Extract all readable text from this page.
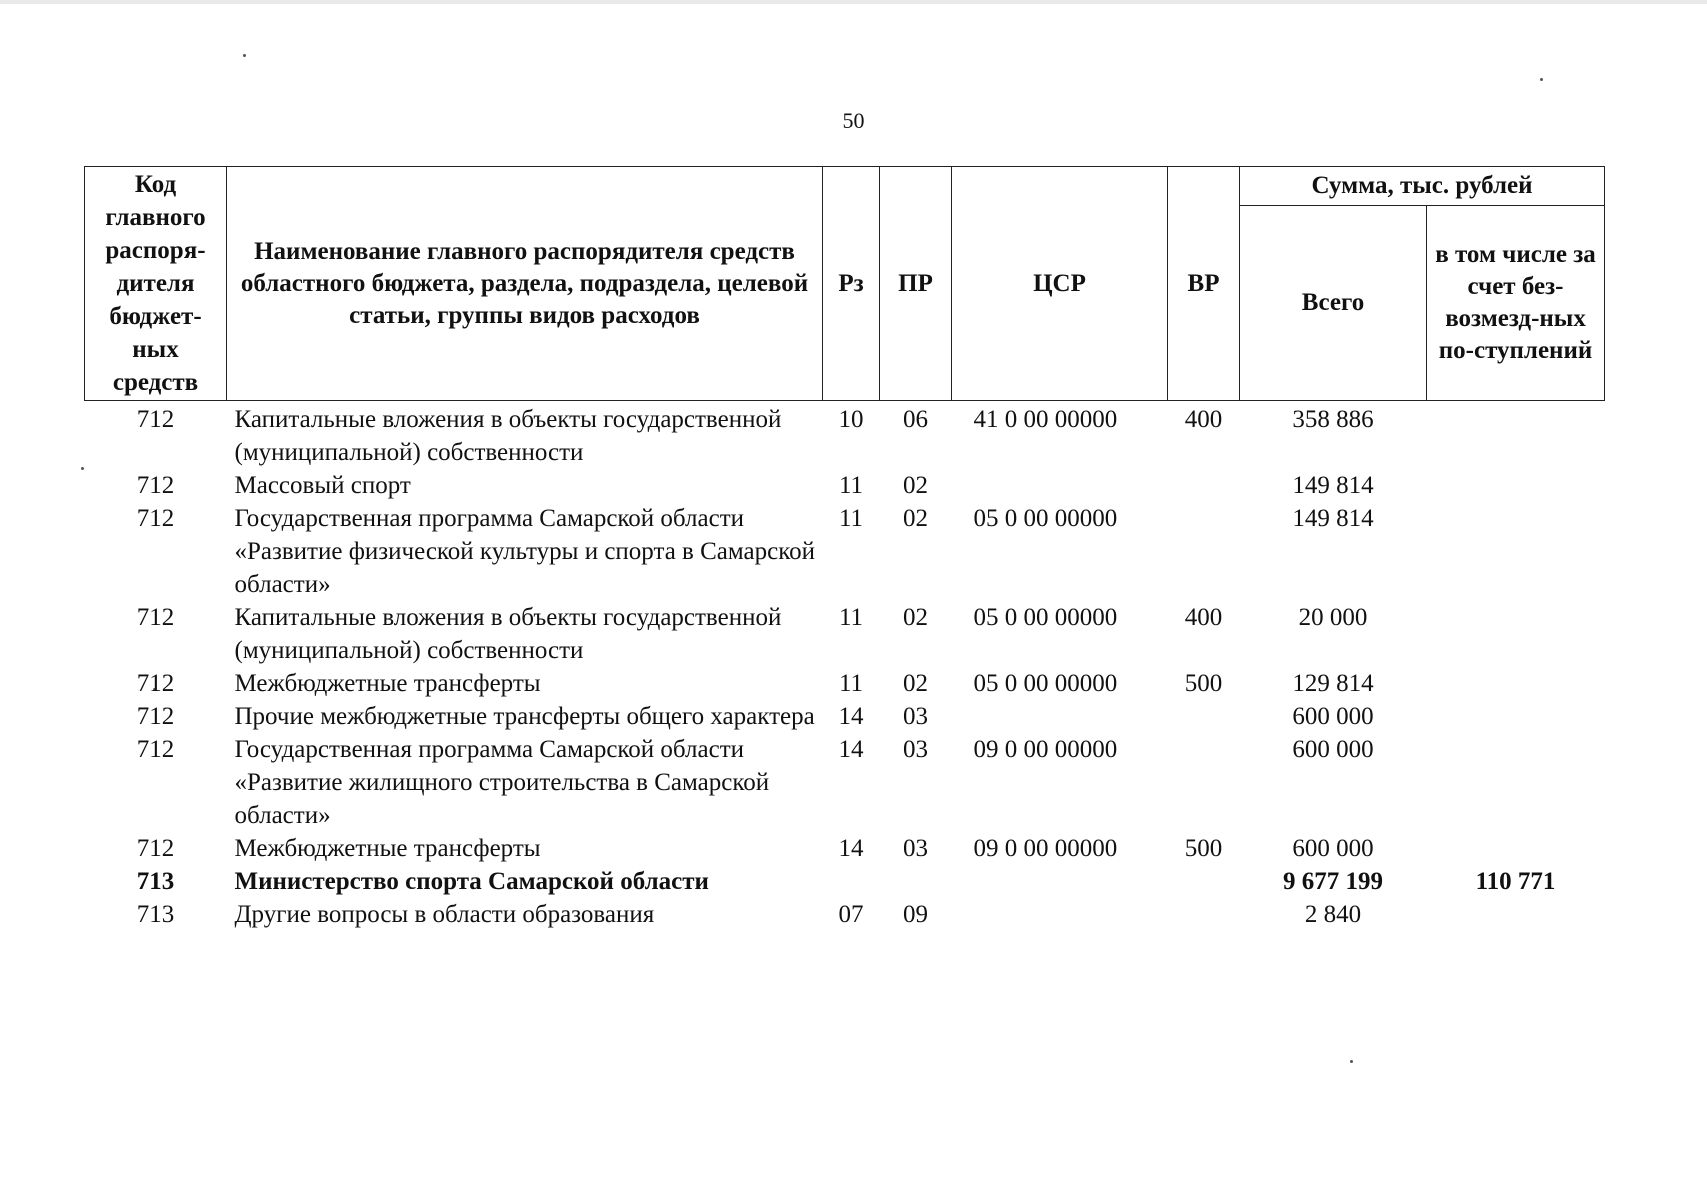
50
Код главного распоря-дителя бюджет-ных средств	Наименование главного распорядителя средств областного бюджета, раздела, подраздела, целевой статьи, группы видов расходов	Рз	ПР	ЦСР	ВР	Сумма, тыс. рублей	
						Всего	в том числе за счет без-возмезд-ных по-ступлений
712	Капитальные вложения в объекты государственной (муниципальной) собственности	10	06	41 0 00 00000	400	358 886	
712	Массовый спорт	11	02			149 814	
712	Государственная программа Самарской области «Развитие физической культуры и спорта в Самарской области»	11	02	05 0 00 00000		149 814	
712	Капитальные вложения в объекты государственной (муниципальной) собственности	11	02	05 0 00 00000	400	20 000	
712	Межбюджетные трансферты	11	02	05 0 00 00000	500	129 814	
712	Прочие межбюджетные трансферты общего характера	14	03			600 000	
712	Государственная программа Самарской области «Развитие жилищного строительства в Самарской области»	14	03	09 0 00 00000		600 000	
712	Межбюджетные трансферты	14	03	09 0 00 00000	500	600 000	
713	Министерство спорта Самарской области					9 677 199	110 771
713	Другие вопросы в области образования	07	09			2 840	
